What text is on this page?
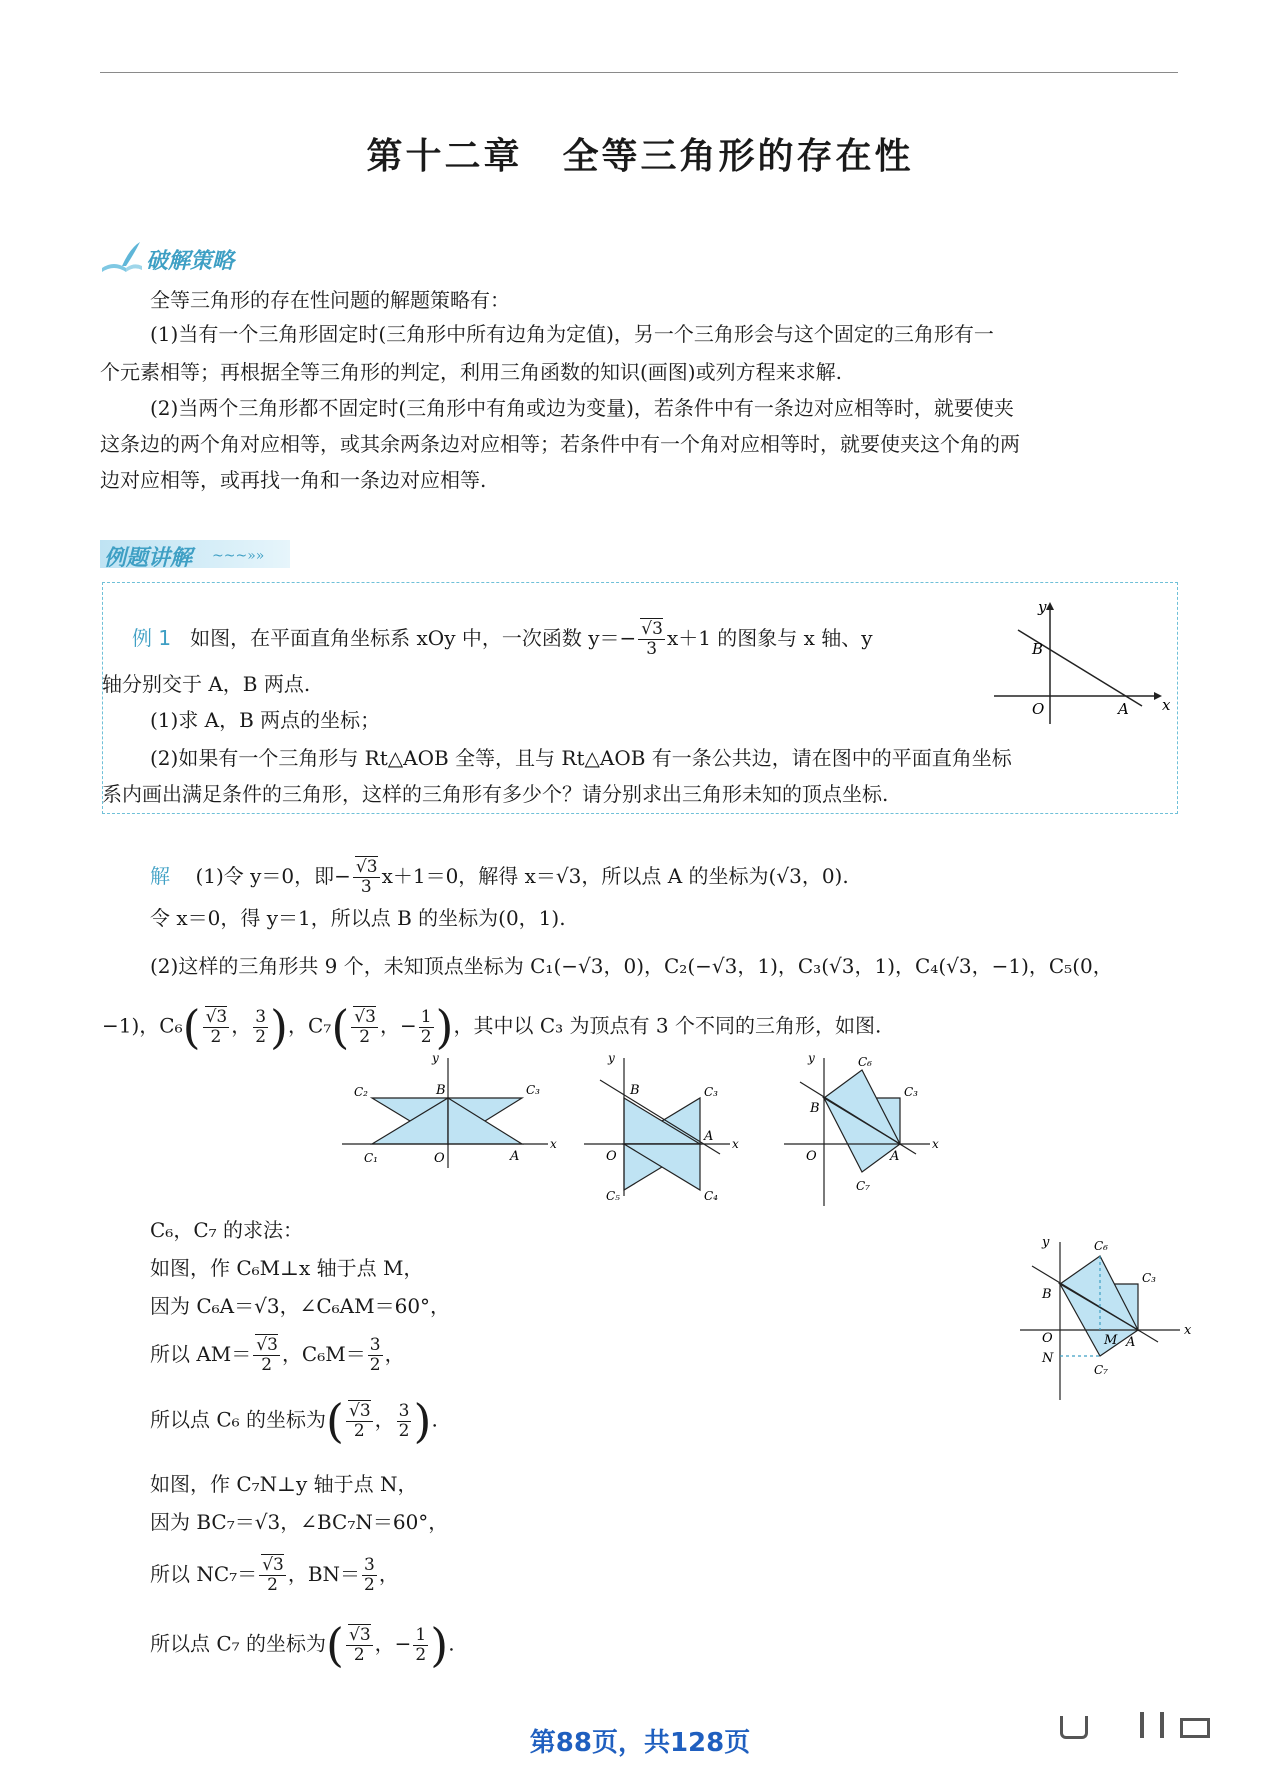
第十二章 全等三角形的存在性
破解策略
全等三角形的存在性问题的解题策略有：
(1)当有一个三角形固定时(三角形中所有边角为定值)，另一个三角形会与这个固定的三角形有一
个元素相等；再根据全等三角形的判定，利用三角函数的知识(画图)或列方程来求解.
(2)当两个三角形都不固定时(三角形中有角或边为变量)，若条件中有一条边对应相等时，就要使夹
这条边的两个角对应相等，或其余两条边对应相等；若条件中有一个角对应相等时，就要使夹这个角的两
边对应相等，或再找一角和一条边对应相等.
例题讲解 ~~~»»
例 1 如图，在平面直角坐标系 xOy 中，一次函数 $y=- \frac{√3}{3} x+1$ 的图象与 x 轴、y
轴分别交于 A，B 两点.
(1)求 A，B 两点的坐标；
(2)如果有一个三角形与 Rt△AOB 全等，且与 Rt△AOB 有一条公共边，请在图中的平面直角坐标
系内画出满足条件的三角形，这样的三角形有多少个？请分别求出三角形未知的顶点坐标.
y
x
B
O	A
解 (1)令 y＝0，即− $\frac{√3}{3} x+1=0$，解得 x＝√3，所以点 A 的坐标为(√3，0).
令 x＝0，得 y＝1，所以点 B 的坐标为(0，1).
(2)这样的三角形共 9 个，未知顶点坐标为 C₁(−√3，0)，C₂(−√3，1)，C₃(√3，1)，C₄(√3，−1)，C₅(0，
−1)，$C_6( \frac{√3}{2}$ ， $\frac{3}{2}$ )，$C_7( \frac{√3}{2}$ ，− $\frac{1}{2}$ )，其中以 C₃ 为顶点有 3 个不同的三角形，如图.
y
x
B
O	A
C₂	C₃
C₁
y
x
B
O
A
C₃
C₄
C₅
y
x
B
O	A
C₆
C₃
C₇
C₆，C₇ 的求法：
如图，作 C₆M⊥x 轴于点 M，
因为 C₆A＝√3，∠C₆AM＝60°，
所以 $AM= \frac{√3}{2}$ ，$C_6M= \frac{3}{2}$ ，
所以点 C₆ 的坐标为( $\frac{√3}{2}$ ， $\frac{3}{2}$ ).
如图，作 C₇N⊥y 轴于点 N，
因为 BC₇＝√3，∠BC₇N＝60°，
所以 $NC_7= \frac{√3}{2}$ ，$BN= \frac{3}{2}$ ，
所以点 C₇ 的坐标为( $\frac{√3}{2}$ ，− $\frac{1}{2}$ ).
y
x
B
O
N
M A
C₆
C₃
C₇
第88页，共128页
